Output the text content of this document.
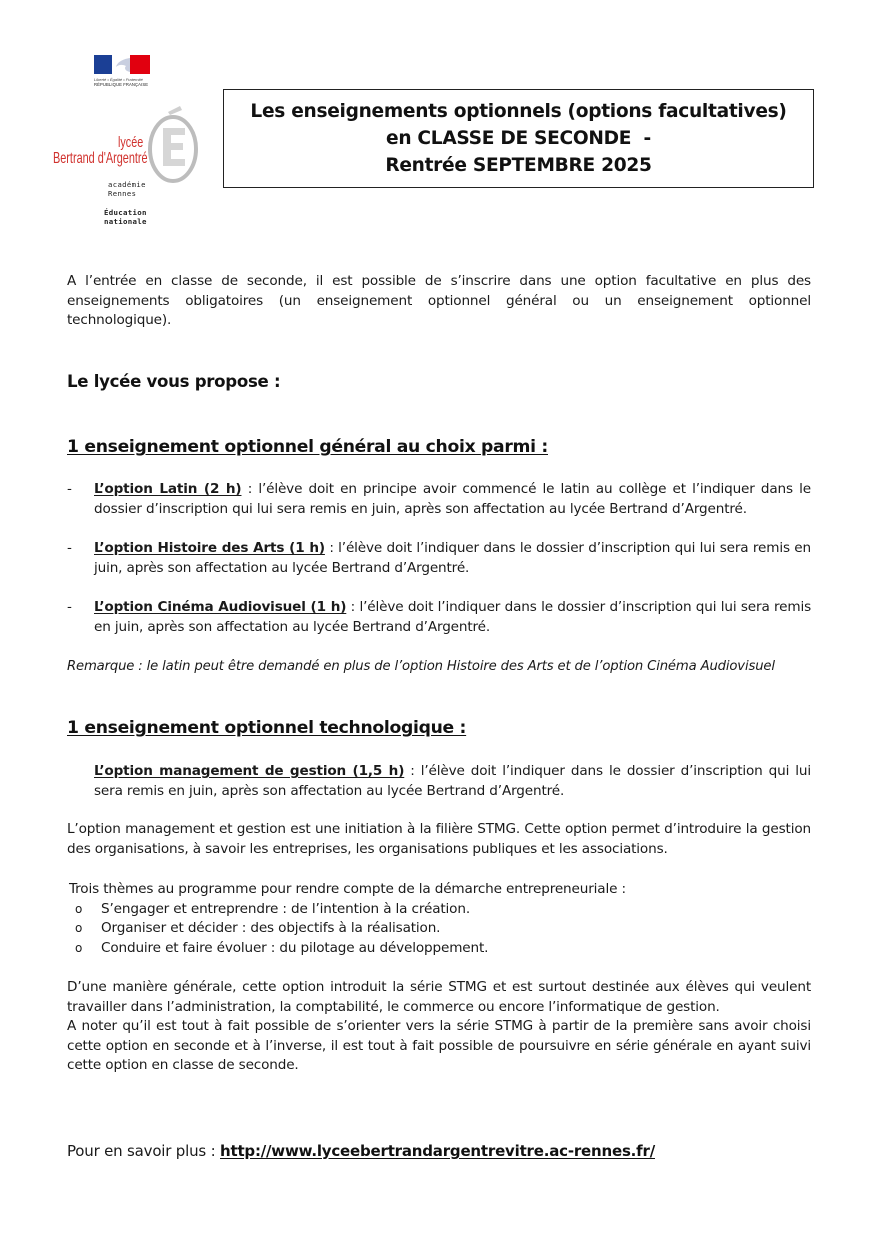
Liberté • Égalité • Fraternité
RÉPUBLIQUE FRANÇAISE
lycée
Bertrand d'Argentré
académie
Rennes
Éducation
nationale
Les enseignements optionnels (options facultatives)
en CLASSE DE SECONDE  -
Rentrée SEPTEMBRE 2025
A l’entrée en classe de seconde, il est possible de s’inscrire dans une option facultative en plus des enseignements obligatoires (un enseignement optionnel général ou un enseignement optionnel technologique).
Le lycée vous propose :
1 enseignement optionnel général au choix parmi :
- L’option Latin (2 h) : l’élève doit en principe avoir commencé le latin au collège et l’indiquer dans le dossier d’inscription qui lui sera remis en juin, après son affectation au lycée Bertrand d’Argentré.
- L’option Histoire des Arts (1 h) : l’élève doit l’indiquer dans le dossier d’inscription qui lui sera remis en juin, après son affectation au lycée Bertrand d’Argentré.
- L’option Cinéma Audiovisuel (1 h) : l’élève doit l’indiquer dans le dossier d’inscription qui lui sera remis en juin, après son affectation au lycée Bertrand d’Argentré.
Remarque : le latin peut être demandé en plus de l’option Histoire des Arts et de l’option Cinéma Audiovisuel
1 enseignement optionnel technologique :
L’option management de gestion (1,5 h) : l’élève doit l’indiquer dans le dossier d’inscription qui lui sera remis en juin, après son affectation au lycée Bertrand d’Argentré.
L’option management et gestion est une initiation à la filière STMG. Cette option permet d’introduire la gestion des organisations, à savoir les entreprises, les organisations publiques et les associations.
Trois thèmes au programme pour rendre compte de la démarche entrepreneuriale :
o S’engager et entreprendre : de l’intention à la création.
o Organiser et décider : des objectifs à la réalisation.
o Conduire et faire évoluer : du pilotage au développement.
D’une manière générale, cette option introduit la série STMG et est surtout destinée aux élèves qui veulent travailler dans l’administration, la comptabilité, le commerce ou encore l’informatique de gestion.
A noter qu’il est tout à fait possible de s’orienter vers la série STMG à partir de la première sans avoir choisi cette option en seconde et à l’inverse, il est tout à fait possible de poursuivre en série générale en ayant suivi cette option en classe de seconde.
Pour en savoir plus : http://www.lyceebertrandargentrevitre.ac-rennes.fr/
